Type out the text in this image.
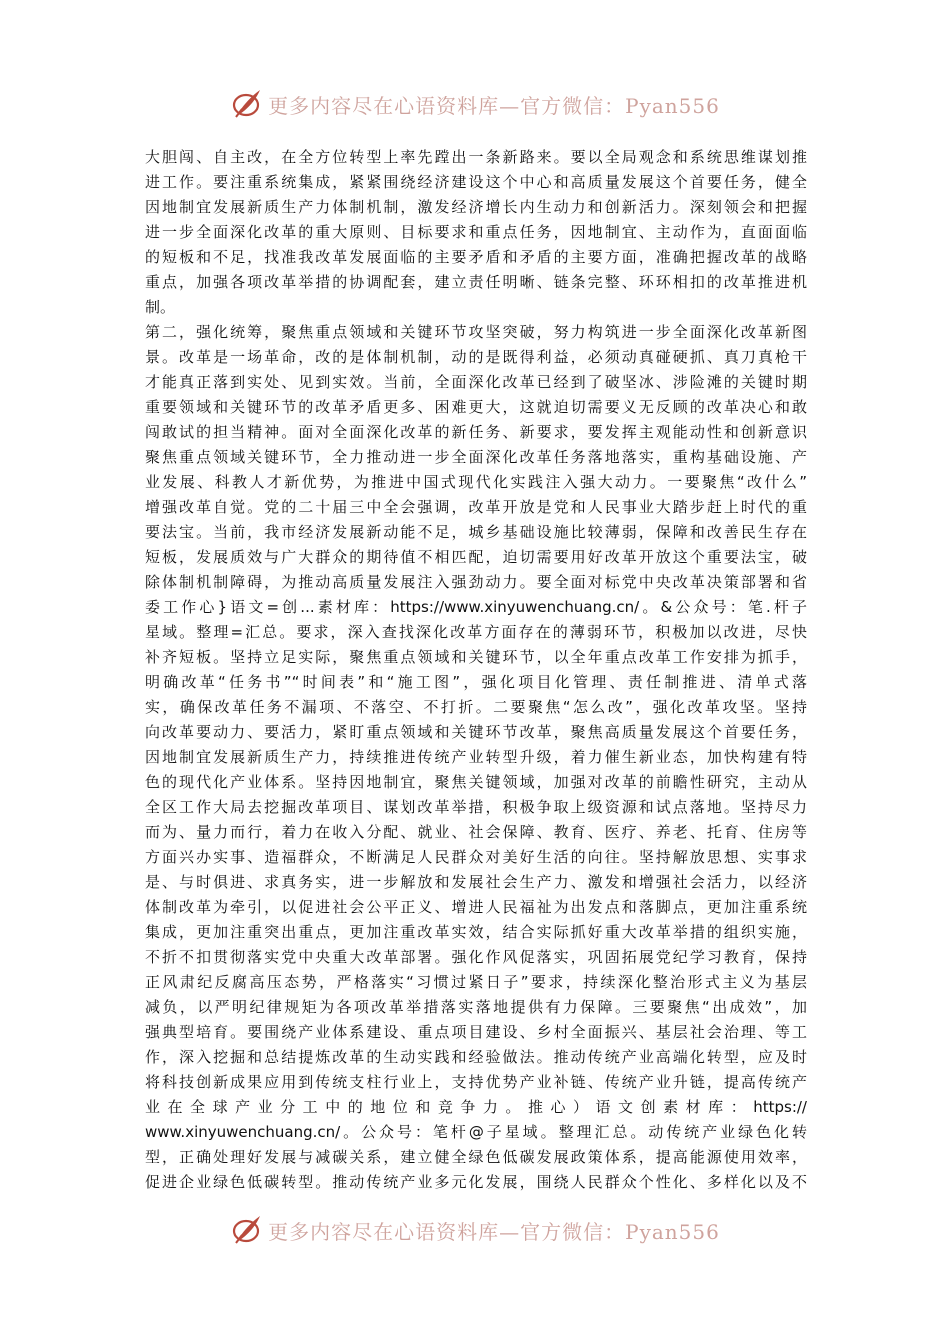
更多内容尽在心语资料库—官方微信：Pyan556
大胆闯、自主改，在全方位转型上率先蹚出一条新路来。要以全局观念和系统思维谋划推
进工作。要注重系统集成，紧紧围绕经济建设这个中心和高质量发展这个首要任务，健全
因地制宜发展新质生产力体制机制，激发经济增长内生动力和创新活力。深刻领会和把握
进一步全面深化改革的重大原则、目标要求和重点任务，因地制宜、主动作为，直面面临
的短板和不足，找准我改革发展面临的主要矛盾和矛盾的主要方面，准确把握改革的战略
重点，加强各项改革举措的协调配套，建立责任明晰、链条完整、环环相扣的改革推进机
制。
第二，强化统筹，聚焦重点领域和关键环节攻坚突破，努力构筑进一步全面深化改革新图
景。改革是一场革命，改的是体制机制，动的是既得利益，必须动真碰硬抓、真刀真枪干
才能真正落到实处、见到实效。当前，全面深化改革已经到了破坚冰、涉险滩的关键时期
重要领域和关键环节的改革矛盾更多、困难更大，这就迫切需要义无反顾的改革决心和敢
闯敢试的担当精神。面对全面深化改革的新任务、新要求，要发挥主观能动性和创新意识
聚焦重点领域关键环节，全力推动进一步全面深化改革任务落地落实，重构基础设施、产
业发展、科教人才新优势，为推进中国式现代化实践注入强大动力。一要聚焦“改什么”
增强改革自觉。党的二十届三中全会强调，改革开放是党和人民事业大踏步赶上时代的重
要法宝。当前，我市经济发展新动能不足，城乡基础设施比较薄弱，保障和改善民生存在
短板，发展质效与广大群众的期待值不相匹配，迫切需要用好改革开放这个重要法宝，破
除体制机制障碍，为推动高质量发展注入强劲动力。要全面对标党中央改革决策部署和省
委工作心}语文=创...素材库：https://www.xinyuwenchuang.cn/。&公众号：笔.杆子
星域。整理=汇总。要求，深入查找深化改革方面存在的薄弱环节，积极加以改进，尽快
补齐短板。坚持立足实际，聚焦重点领域和关键环节，以全年重点改革工作安排为抓手，
明确改革“任务书”“时间表”和“施工图”，强化项目化管理、责任制推进、清单式落
实，确保改革任务不漏项、不落空、不打折。二要聚焦“怎么改”，强化改革攻坚。坚持
向改革要动力、要活力，紧盯重点领域和关键环节改革，聚焦高质量发展这个首要任务，
因地制宜发展新质生产力，持续推进传统产业转型升级，着力催生新业态，加快构建有特
色的现代化产业体系。坚持因地制宜，聚焦关键领域，加强对改革的前瞻性研究，主动从
全区工作大局去挖掘改革项目、谋划改革举措，积极争取上级资源和试点落地。坚持尽力
而为、量力而行，着力在收入分配、就业、社会保障、教育、医疗、养老、托育、住房等
方面兴办实事、造福群众，不断满足人民群众对美好生活的向往。坚持解放思想、实事求
是、与时俱进、求真务实，进一步解放和发展社会生产力、激发和增强社会活力，以经济
体制改革为牵引，以促进社会公平正义、增进人民福祉为出发点和落脚点，更加注重系统
集成，更加注重突出重点，更加注重改革实效，结合实际抓好重大改革举措的组织实施，
不折不扣贯彻落实党中央重大改革部署。强化作风促落实，巩固拓展党纪学习教育，保持
正风肃纪反腐高压态势，严格落实“习惯过紧日子”要求，持续深化整治形式主义为基层
减负，以严明纪律规矩为各项改革举措落实落地提供有力保障。三要聚焦“出成效”，加
强典型培育。要围绕产业体系建设、重点项目建设、乡村全面振兴、基层社会治理、等工
作，深入挖掘和总结提炼改革的生动实践和经验做法。推动传统产业高端化转型，应及时
将科技创新成果应用到传统支柱行业上，支持优势产业补链、传统产业升链，提高传统产
业在全球产业分工中的地位和竞争力。推心）语文创素材库：https://
www.xinyuwenchuang.cn/。公众号：笔杆@子星域。整理汇总。动传统产业绿色化转
型，正确处理好发展与减碳关系，建立健全绿色低碳发展政策体系，提高能源使用效率，
促进企业绿色低碳转型。推动传统产业多元化发展，围绕人民群众个性化、多样化以及不
更多内容尽在心语资料库—官方微信：Pyan556
